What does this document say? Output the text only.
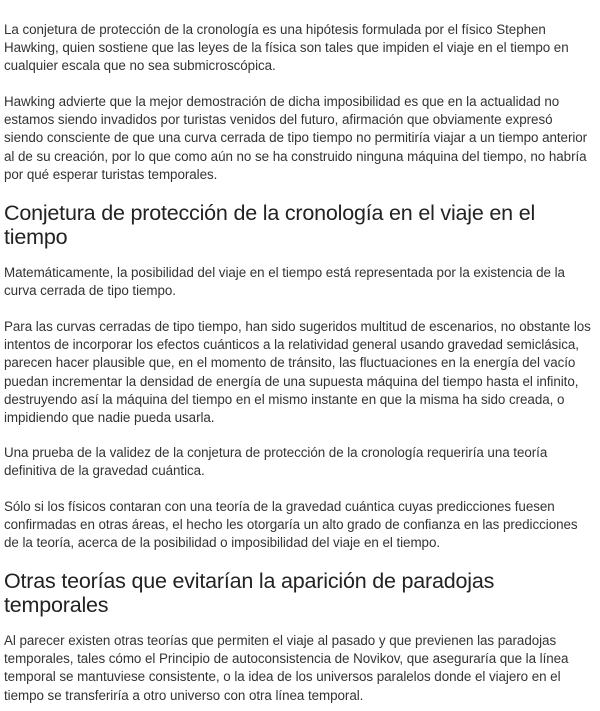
La conjetura de protección de la cronología es una hipótesis formulada por el físico Stephen Hawking, quien sostiene que las leyes de la física son tales que impiden el viaje en el tiempo en cualquier escala que no sea submicroscópica.

Hawking advierte que la mejor demostración de dicha imposibilidad es que en la actualidad no estamos siendo invadidos por turistas venidos del futuro, afirmación que obviamente expresó siendo consciente de que una curva cerrada de tipo tiempo no permitiría viajar a un tiempo anterior al de su creación, por lo que como aún no se ha construido ninguna máquina del tiempo, no habría por qué esperar turistas temporales.

Conjetura de protección de la cronología en el viaje en el tiempo

Matemáticamente, la posibilidad del viaje en el tiempo está representada por la existencia de la curva cerrada de tipo tiempo.

Para las curvas cerradas de tipo tiempo, han sido sugeridos multitud de escenarios, no obstante los intentos de incorporar los efectos cuánticos a la relatividad general usando gravedad semiclásica, parecen hacer plausible que, en el momento de tránsito, las fluctuaciones en la energía del vacío puedan incrementar la densidad de energía de una supuesta máquina del tiempo hasta el infinito, destruyendo así la máquina del tiempo en el mismo instante en que la misma ha sido creada, o impidiendo que nadie pueda usarla.

Una prueba de la validez de la conjetura de protección de la cronología requeriría una teoría definitiva de la gravedad cuántica.

Sólo si los físicos contaran con una teoría de la gravedad cuántica cuyas predicciones fuesen confirmadas en otras áreas, el hecho les otorgaría un alto grado de confianza en las predicciones de la teoría, acerca de la posibilidad o imposibilidad del viaje en el tiempo.

Otras teorías que evitarían la aparición de paradojas temporales

Al parecer existen otras teorías que permiten el viaje al pasado y que previenen las paradojas temporales, tales cómo el Principio de autoconsistencia de Novikov, que aseguraría que la línea temporal se mantuviese consistente, o la idea de los universos paralelos donde el viajero en el tiempo se transferiría a otro universo con otra línea temporal.
